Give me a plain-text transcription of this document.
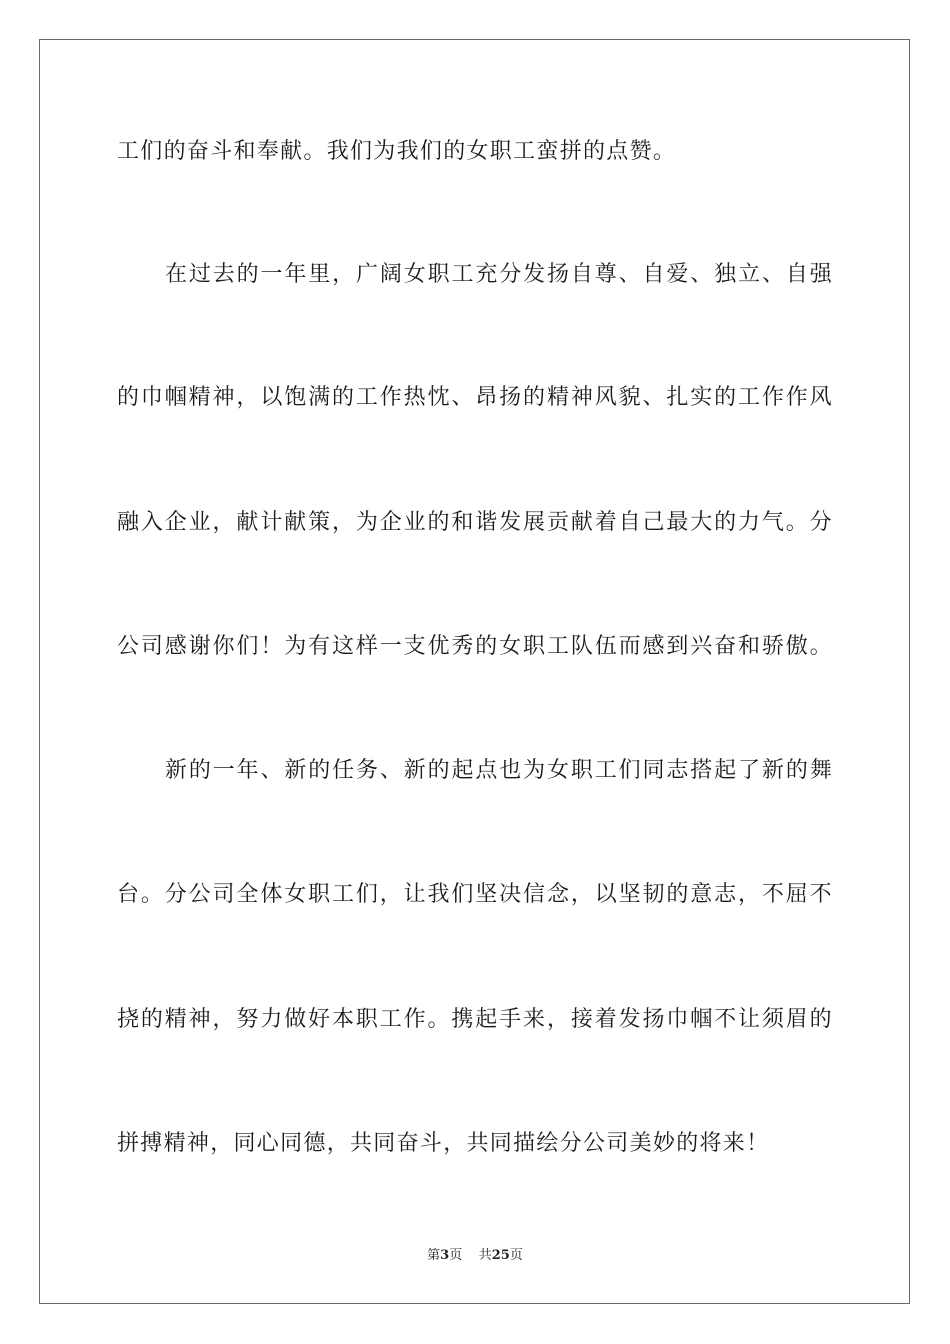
工们的奋斗和奉献。我们为我们的女职工蛮拼的点赞。
在过去的一年里，广阔女职工充分发扬自尊、自爱、独立、自强
的巾帼精神，以饱满的工作热忱、昂扬的精神风貌、扎实的工作作风
融入企业，献计献策，为企业的和谐发展贡献着自己最大的力气。分
公司感谢你们！为有这样一支优秀的女职工队伍而感到兴奋和骄傲。
新的一年、新的任务、新的起点也为女职工们同志搭起了新的舞
台。分公司全体女职工们，让我们坚决信念，以坚韧的意志，不屈不
挠的精神，努力做好本职工作。携起手来，接着发扬巾帼不让须眉的
拼搏精神，同心同德，共同奋斗，共同描绘分公司美妙的将来！
第3页 共25页
